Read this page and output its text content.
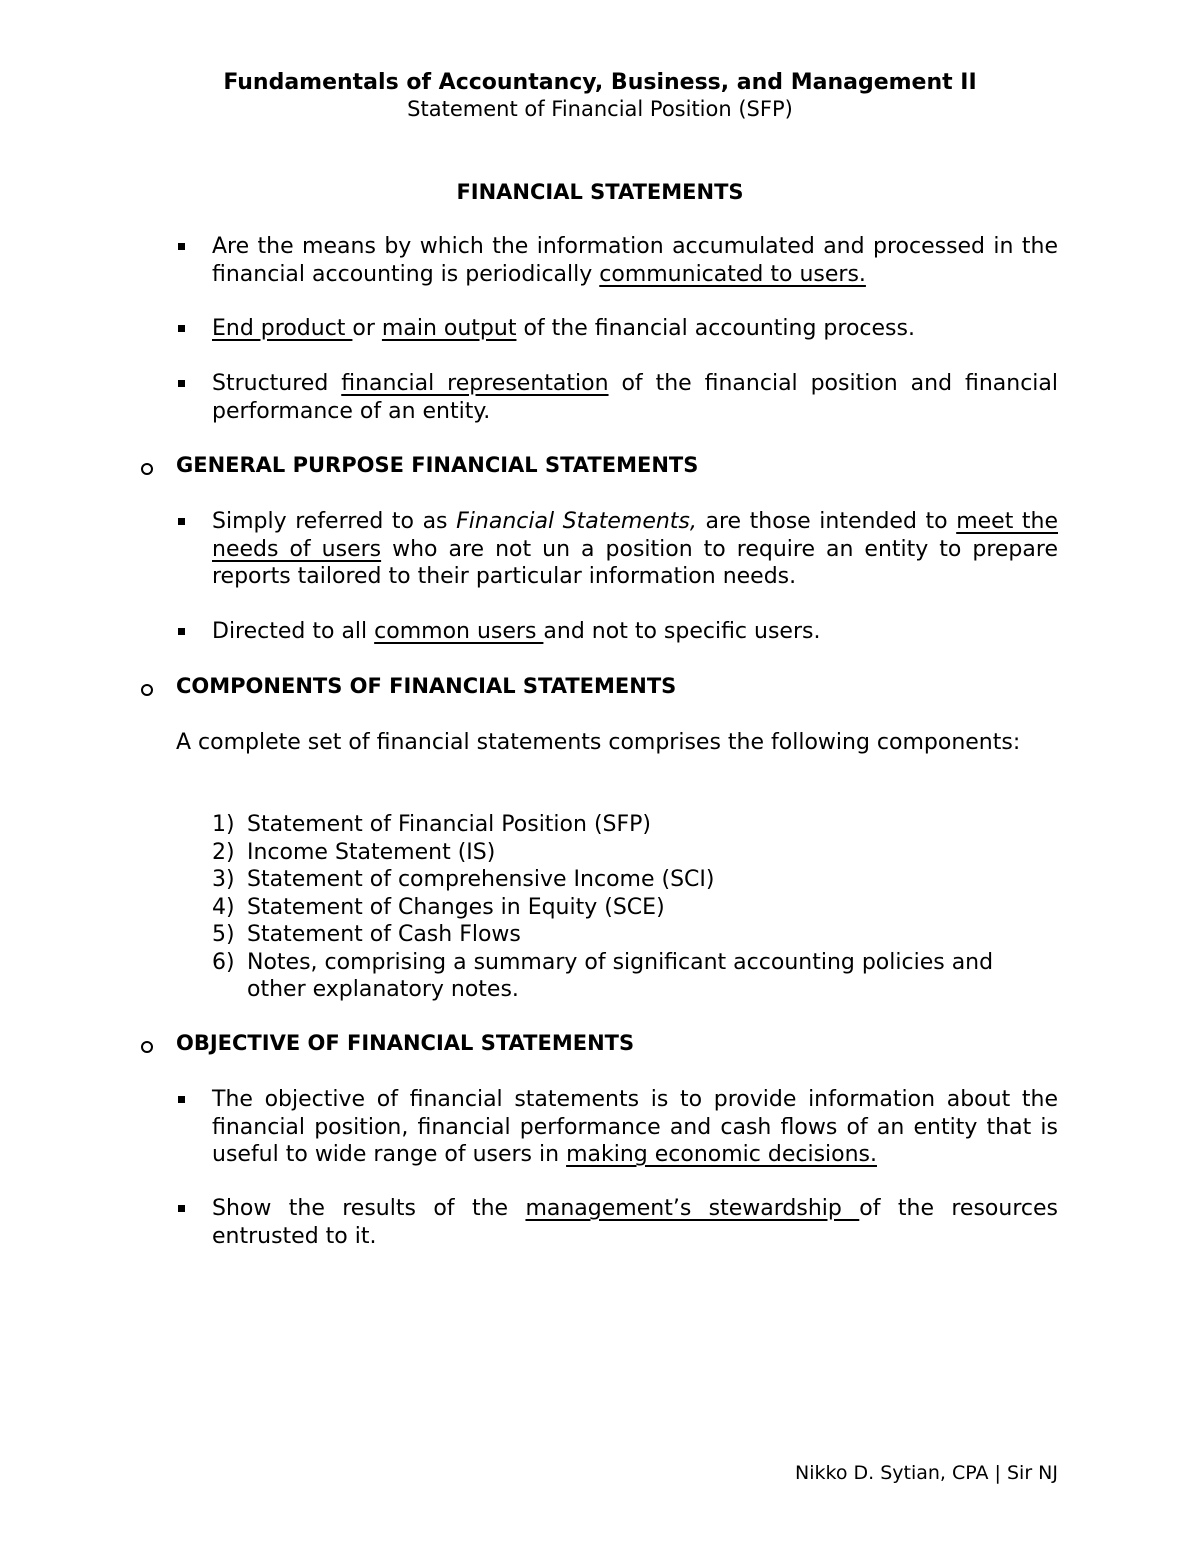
Fundamentals of Accountancy, Business, and Management II
Statement of Financial Position (SFP)
FINANCIAL STATEMENTS
Are the means by which the information accumulated and processed in the financial accounting is periodically communicated to users.
End product or main output of the financial accounting process.
Structured financial representation of the financial position and financial performance of an entity.
GENERAL PURPOSE FINANCIAL STATEMENTS
Simply referred to as Financial Statements, are those intended to meet the needs of users who are not un a position to require an entity to prepare reports tailored to their particular information needs.
Directed to all common users and not to specific users.
COMPONENTS OF FINANCIAL STATEMENTS
A complete set of financial statements comprises the following components:
1) Statement of Financial Position (SFP)
2) Income Statement (IS)
3) Statement of comprehensive Income (SCI)
4) Statement of Changes in Equity (SCE)
5) Statement of Cash Flows
6) Notes, comprising a summary of significant accounting policies and other explanatory notes.
OBJECTIVE OF FINANCIAL STATEMENTS
The objective of financial statements is to provide information about the financial position, financial performance and cash flows of an entity that is useful to wide range of users in making economic decisions.
Show the results of the management’s stewardship of the resources entrusted to it.
Nikko D. Sytian, CPA | Sir NJ
